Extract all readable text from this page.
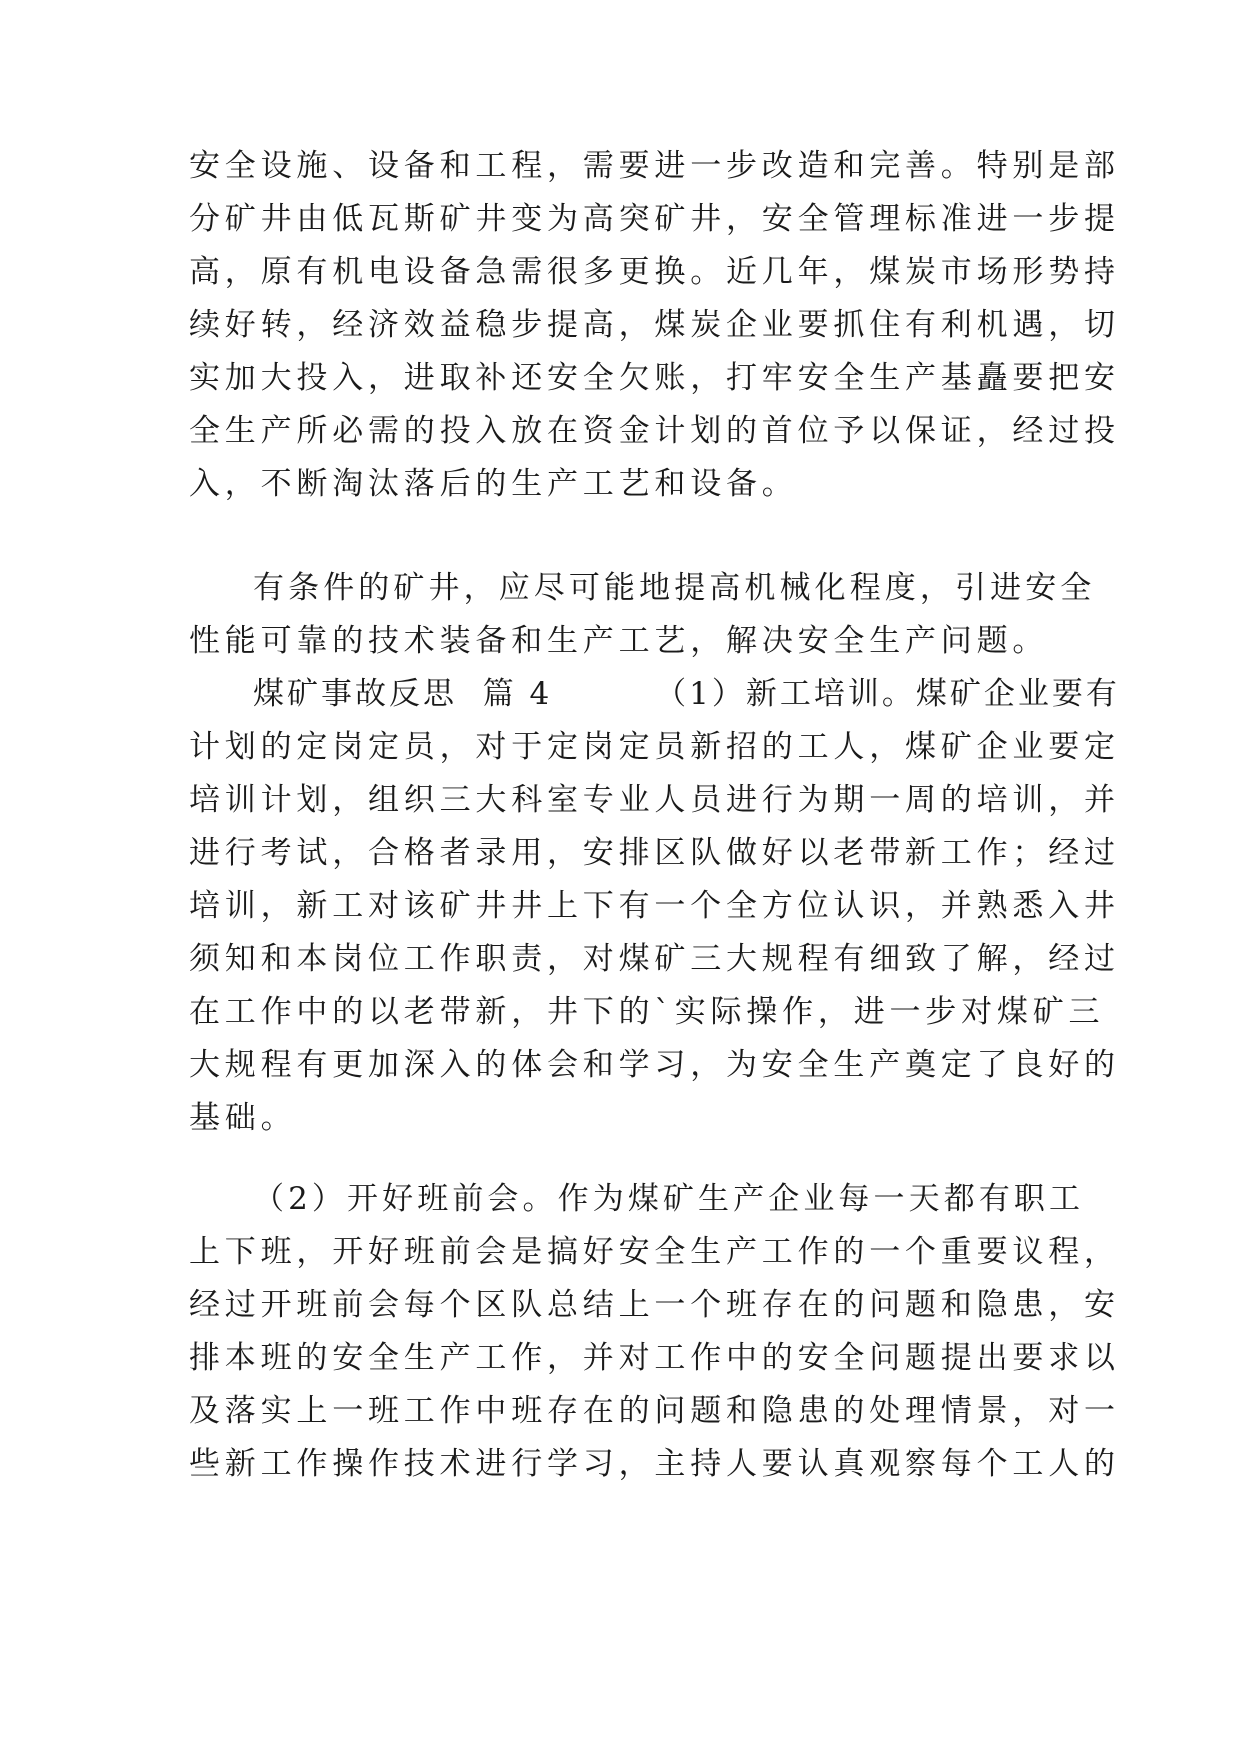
安全设施、设备和工程，需要进一步改造和完善。特别是部
分矿井由低瓦斯矿井变为高突矿井，安全管理标准进一步提
高，原有机电设备急需很多更换。近几年，煤炭市场形势持
续好转，经济效益稳步提高，煤炭企业要抓住有利机遇，切
实加大投入，进取补还安全欠账，打牢安全生产基矗要把安
全生产所必需的投入放在资金计划的首位予以保证，经过投
入，不断淘汰落后的生产工艺和设备。
有条件的矿井，应尽可能地提高机械化程度，引进安全
性能可靠的技术装备和生产工艺，解决安全生产问题。
煤矿事故反思  篇 4        （1）新工培训。煤矿企业要有
计划的定岗定员，对于定岗定员新招的工人，煤矿企业要定
培训计划，组织三大科室专业人员进行为期一周的培训，并
进行考试，合格者录用，安排区队做好以老带新工作；经过
培训，新工对该矿井井上下有一个全方位认识，并熟悉入井
须知和本岗位工作职责，对煤矿三大规程有细致了解，经过
在工作中的以老带新，井下的`实际操作，进一步对煤矿三
大规程有更加深入的体会和学习，为安全生产奠定了良好的
基础。
（2）开好班前会。作为煤矿生产企业每一天都有职工
上下班，开好班前会是搞好安全生产工作的一个重要议程，
经过开班前会每个区队总结上一个班存在的问题和隐患，安
排本班的安全生产工作，并对工作中的安全问题提出要求以
及落实上一班工作中班存在的问题和隐患的处理情景，对一
些新工作操作技术进行学习，主持人要认真观察每个工人的
